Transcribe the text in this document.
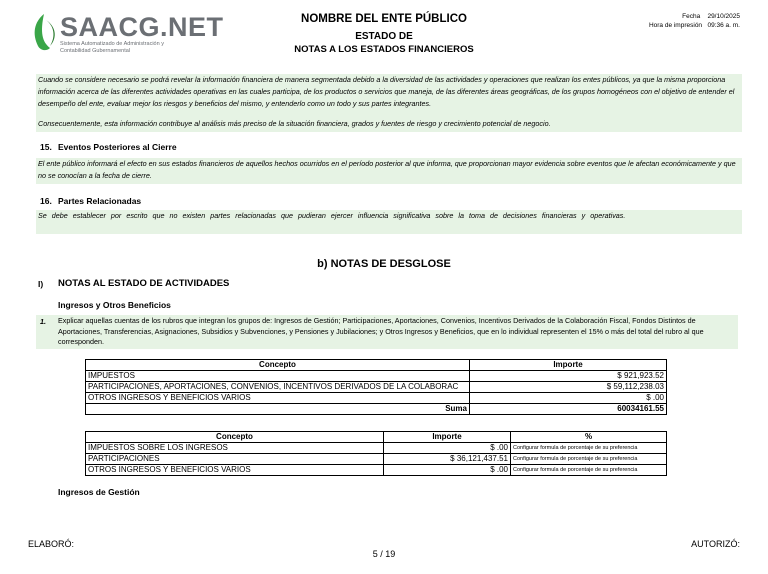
SAACG.NET
Sistema Automatizado de Administración y
Contabilidad Gubernamental
NOMBRE DEL ENTE PÚBLICO
ESTADO DE
NOTAS A LOS ESTADOS FINANCIEROS
Fecha 29/10/2025
Hora de impresión 09:36 a. m.
Cuando se considere necesario se podrá revelar la información financiera de manera segmentada debido a la diversidad de las actividades y operaciones que realizan los entes públicos, ya que la misma proporciona información acerca de las diferentes actividades operativas en las cuales participa, de los productos o servicios que maneja, de las diferentes áreas geográficas, de los grupos homogéneos con el objetivo de entender el desempeño del ente, evaluar mejor los riesgos y beneficios del mismo, y entenderlo como un todo y sus partes integrantes.
Consecuentemente, esta información contribuye al análisis más preciso de la situación financiera, grados y fuentes de riesgo y crecimiento potencial de negocio.
15. Eventos Posteriores al Cierre
El ente público informará el efecto en sus estados financieros de aquellos hechos ocurridos en el período posterior al que informa, que proporcionan mayor evidencia sobre eventos que le afectan económicamente y que no se conocían a la fecha de cierre.
16. Partes Relacionadas
Se debe establecer por escrito que no existen partes relacionadas que pudieran ejercer influencia significativa sobre la toma de decisiones financieras y operativas.
b) NOTAS DE DESGLOSE
I) NOTAS AL ESTADO DE ACTIVIDADES
Ingresos y Otros Beneficios
1. Explicar aquellas cuentas de los rubros que integran los grupos de: Ingresos de Gestión; Participaciones, Aportaciones, Convenios, Incentivos Derivados de la Colaboración Fiscal, Fondos Distintos de Aportaciones, Transferencias, Asignaciones, Subsidios y Subvenciones, y Pensiones y Jubilaciones; y Otros Ingresos y Beneficios, que en lo individual representen el 15% o más del total del rubro al que corresponden.
Concepto	Importe
IMPUESTOS	$ 921,923.52
PARTICIPACIONES, APORTACIONES, CONVENIOS, INCENTIVOS DERIVADOS DE LA COLABORAC	$ 59,112,238.03
OTROS INGRESOS Y BENEFICIOS VARIOS	$ .00
Suma	60034161.55
Concepto	Importe	%
IMPUESTOS SOBRE LOS INGRESOS	$ .00	Configurar formula de porcentaje de su preferencia
PARTICIPACIONES	$ 36,121,437.51	Configurar formula de porcentaje de su preferencia
OTROS INGRESOS Y BENEFICIOS VARIOS	$ .00	Configurar formula de porcentaje de su preferencia
Ingresos de Gestión
ELABORÓ:	AUTORIZÓ:
5 / 19
